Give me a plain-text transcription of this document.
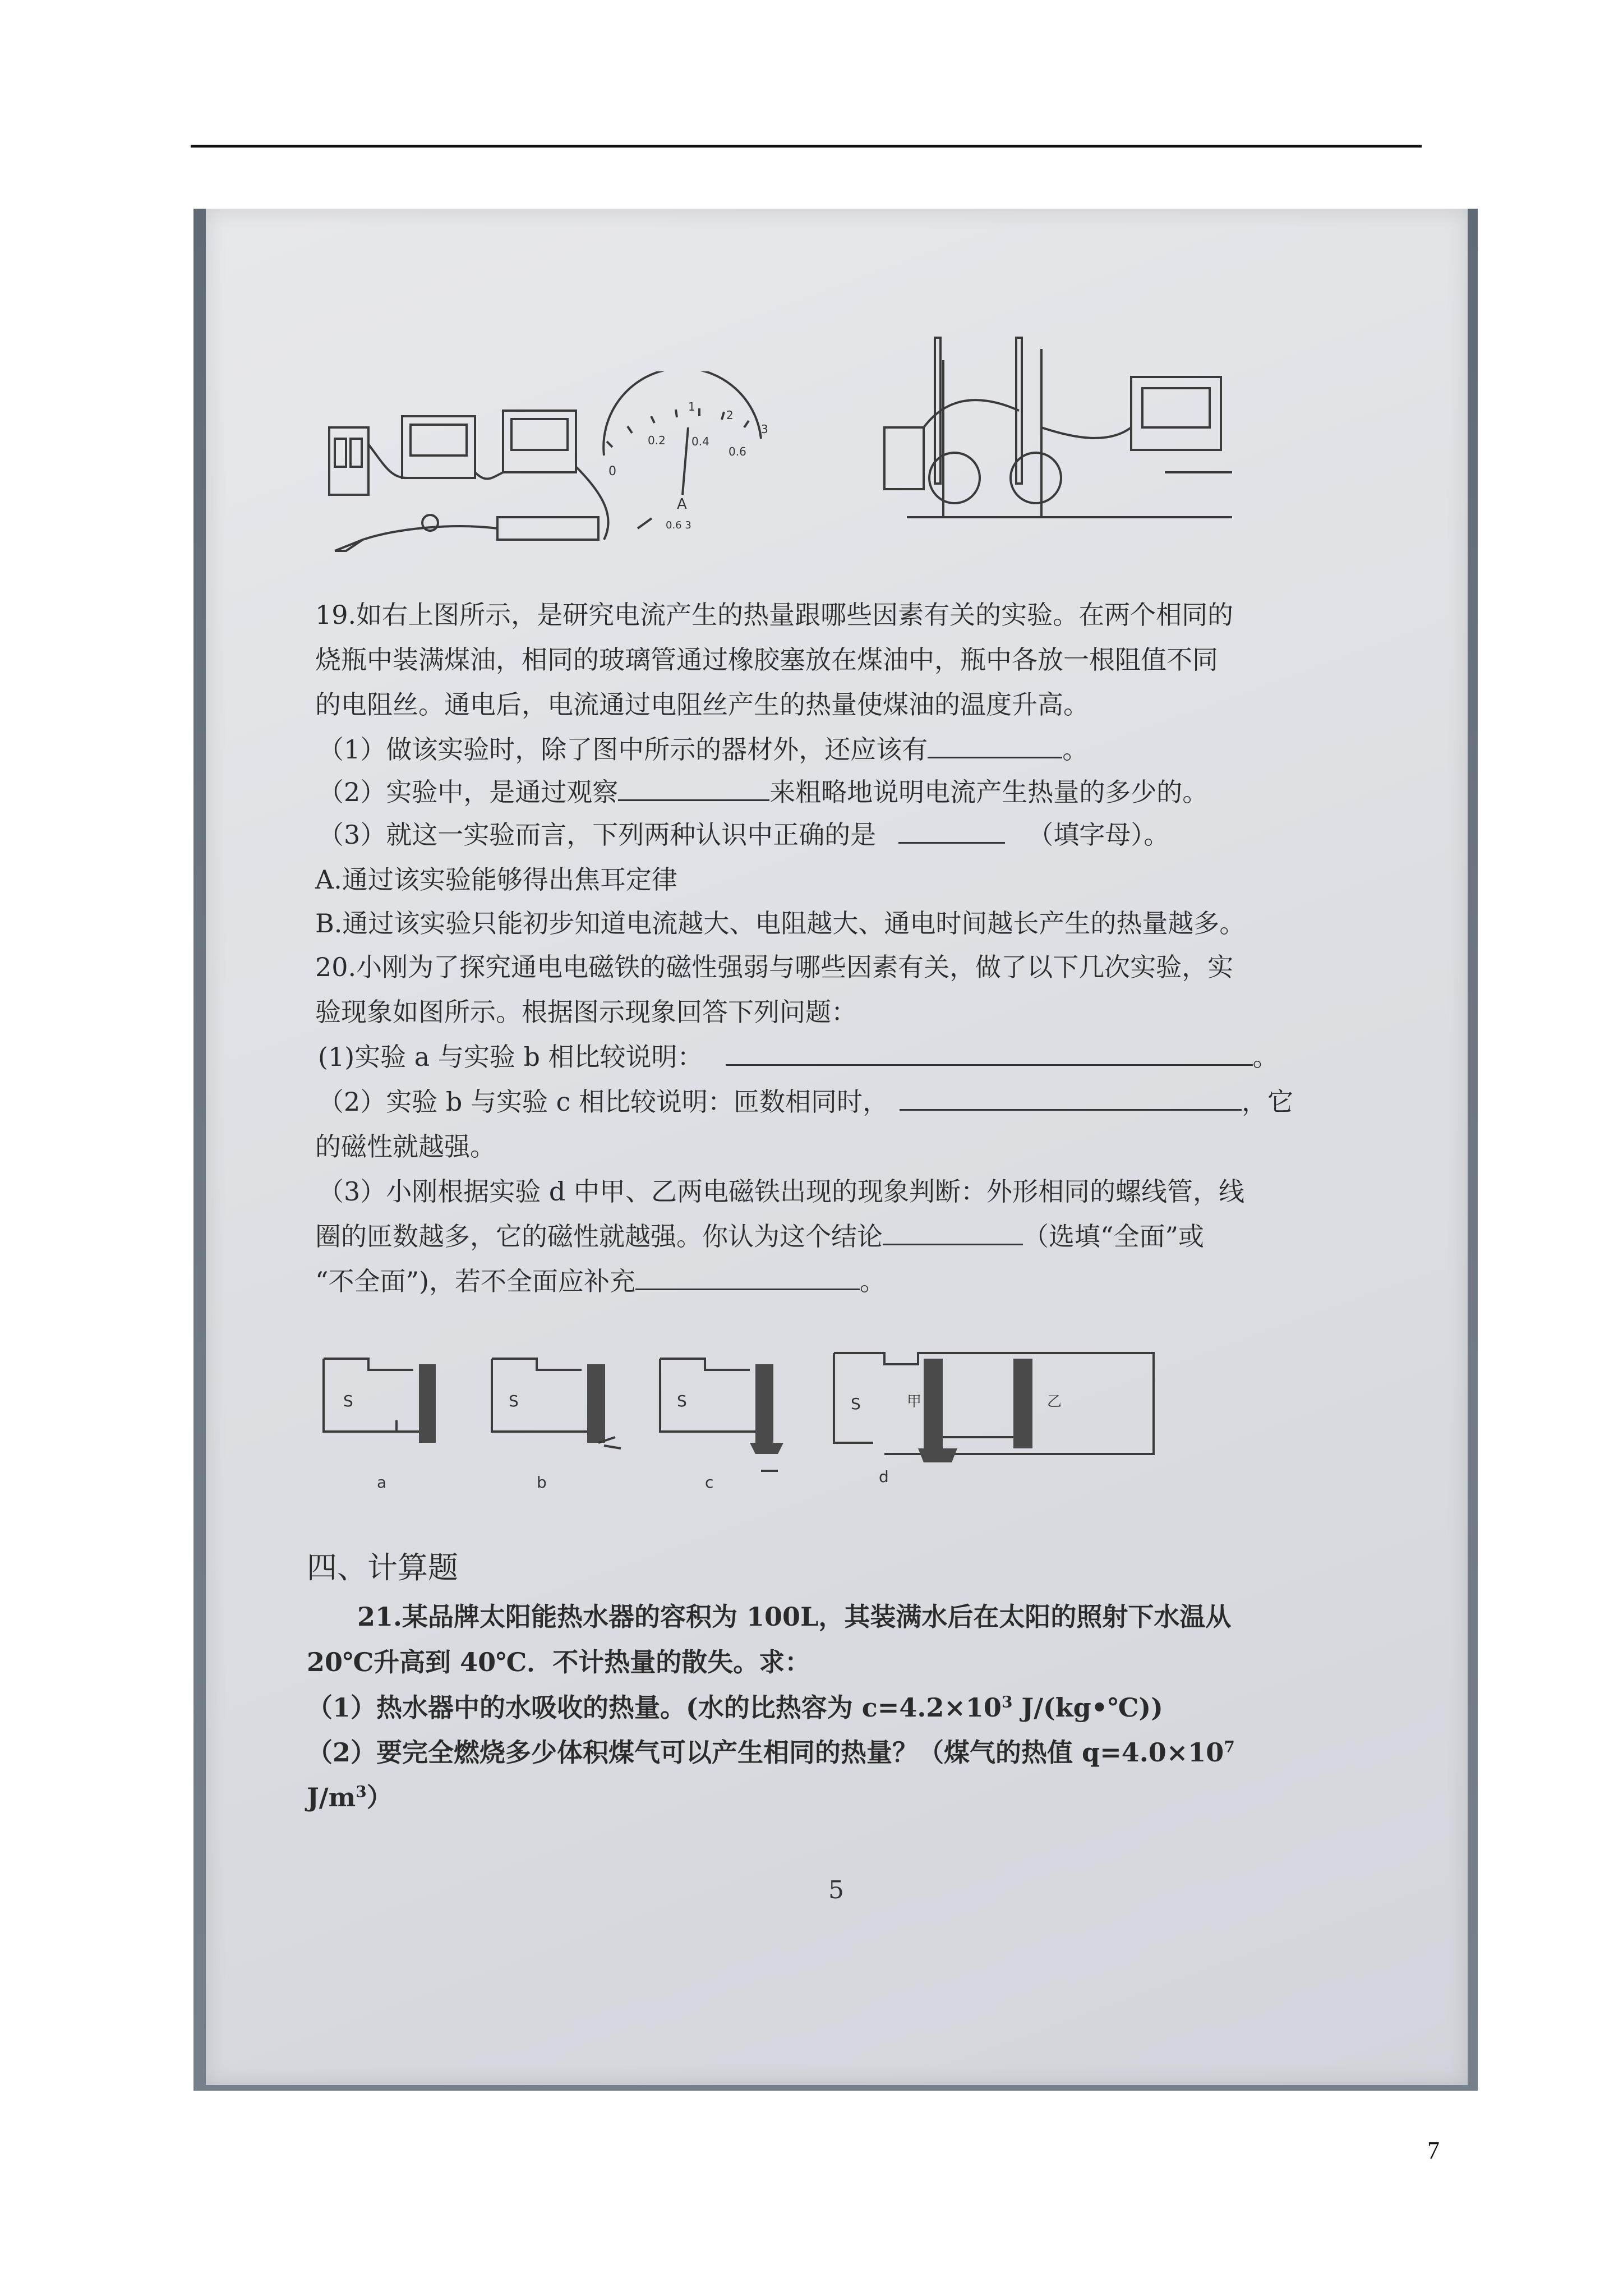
0
0.2 0.4
0.6
1
2
3
A
0.6 3
19.如右上图所示，是研究电流产生的热量跟哪些因素有关的实验。在两个相同的
烧瓶中装满煤油，相同的玻璃管通过橡胶塞放在煤油中，瓶中各放一根阻值不同
的电阻丝。通电后，电流通过电阻丝产生的热量使煤油的温度升高。
（1）做该实验时，除了图中所示的器材外，还应该有	。
（2）实验中，是通过观察	来粗略地说明电流产生热量的多少的。
（3）就这一实验而言，下列两种认识中正确的是	（填字母）。
A.通过该实验能够得出焦耳定律
B.通过该实验只能初步知道电流越大、电阻越大、通电时间越长产生的热量越多。
20.小刚为了探究通电电磁铁的磁性强弱与哪些因素有关，做了以下几次实验，实
验现象如图所示。根据图示现象回答下列问题：
(1)实验 a 与实验 b 相比较说明：	。
（2）实验 b 与实验 c 相比较说明：匝数相同时，	，它
的磁性就越强。
（3）小刚根据实验 d 中甲、乙两电磁铁出现的现象判断：外形相同的螺线管，线
圈的匝数越多，它的磁性就越强。你认为这个结论	（选填“全面”或
“不全面”)，若不全面应补充	。
S
a
S
b
S
c
S	甲	乙
d
四、计算题
21.某品牌太阳能热水器的容积为 100L，其装满水后在太阳的照射下水温从
20℃升高到 40℃．不计热量的散失。求：
（1）热水器中的水吸收的热量。(水的比热容为 $c=4.2\times 10^3$ J/(kg•℃))
（2）要完全燃烧多少体积煤气可以产生相同的热量？（煤气的热值 $q=4.0\times 10^7$
$J/m^3$）
5
7
